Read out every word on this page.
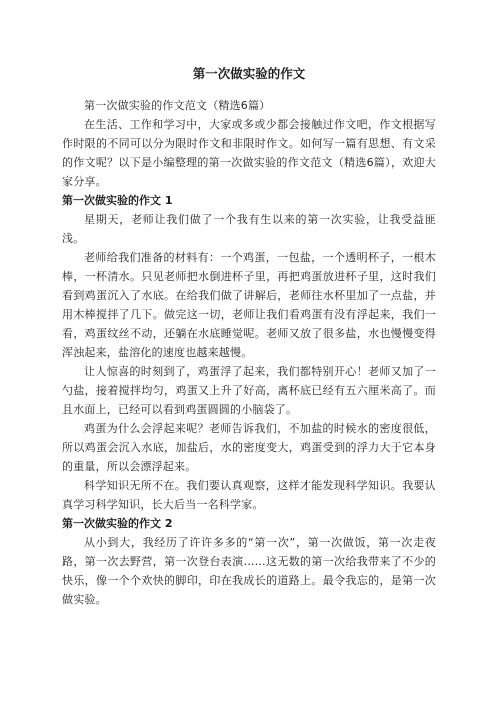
第一次做实验的作文

第一次做实验的作文范文（精选6篇）

在生活、工作和学习中，大家或多或少都会接触过作文吧，作文根据写作时限的不同可以分为限时作文和非限时作文。如何写一篇有思想、有文采的作文呢？以下是小编整理的第一次做实验的作文范文（精选6篇），欢迎大家分享。

第一次做实验的作文 1

星期天，老师让我们做了一个我有生以来的第一次实验，让我受益匪浅。

老师给我们准备的材料有：一个鸡蛋，一包盐，一个透明杯子，一根木棒，一杯清水。只见老师把水倒进杯子里，再把鸡蛋放进杯子里，这时我们看到鸡蛋沉入了水底。在给我们做了讲解后，老师往水杯里加了一点盐，并用木棒搅拌了几下。做完这一切，老师让我们看鸡蛋有没有浮起来，我们一看，鸡蛋纹丝不动，还躺在水底睡觉呢。老师又放了很多盐，水也慢慢变得浑浊起来，盐溶化的速度也越来越慢。

让人惊喜的时刻到了，鸡蛋浮了起来，我们都特别开心！老师又加了一勺盐，接着搅拌均匀，鸡蛋又上升了好高，离杯底已经有五六厘米高了。而且水面上，已经可以看到鸡蛋圆圆的小脑袋了。

鸡蛋为什么会浮起来呢？老师告诉我们，不加盐的时候水的密度很低，所以鸡蛋会沉入水底，加盐后，水的密度变大，鸡蛋受到的浮力大于它本身的重量，所以会漂浮起来。

科学知识无所不在。我们要认真观察，这样才能发现科学知识。我要认真学习科学知识，长大后当一名科学家。

第一次做实验的作文 2

从小到大，我经历了许许多多的“第一次”，第一次做饭，第一次走夜路，第一次去野营，第一次登台表演……这无数的第一次给我带来了不少的快乐，像一个个欢快的脚印，印在我成长的道路上。最令我忘的，是第一次做实验。
